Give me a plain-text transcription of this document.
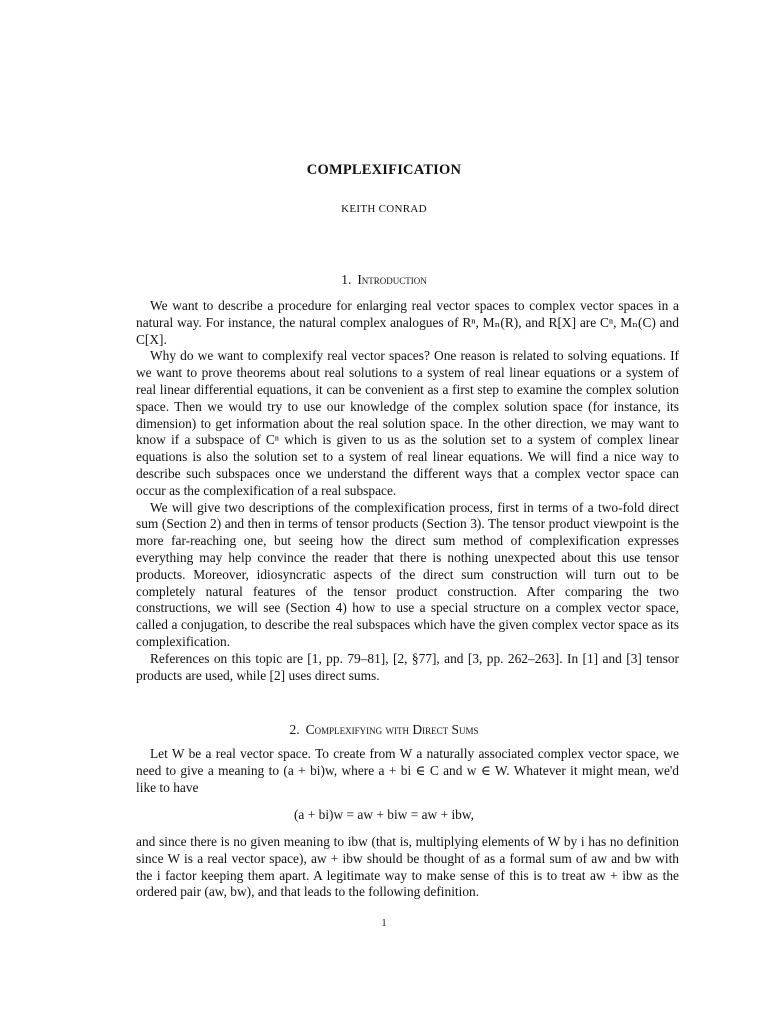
COMPLEXIFICATION
KEITH CONRAD
1. Introduction

We want to describe a procedure for enlarging real vector spaces to complex vector spaces in a natural way. For instance, the natural complex analogues of Rⁿ, Mₙ(R), and R[X] are Cⁿ, Mₙ(C) and C[X].

Why do we want to complexify real vector spaces? One reason is related to solving equations. If we want to prove theorems about real solutions to a system of real linear equations or a system of real linear differential equations, it can be convenient as a first step to examine the complex solution space. Then we would try to use our knowledge of the complex solution space (for instance, its dimension) to get information about the real solution space. In the other direction, we may want to know if a subspace of Cⁿ which is given to us as the solution set to a system of complex linear equations is also the solution set to a system of real linear equations. We will find a nice way to describe such subspaces once we understand the different ways that a complex vector space can occur as the complexification of a real subspace.

We will give two descriptions of the complexification process, first in terms of a two-fold direct sum (Section 2) and then in terms of tensor products (Section 3). The tensor product viewpoint is the more far-reaching one, but seeing how the direct sum method of complexification expresses everything may help convince the reader that there is nothing unexpected about this use tensor products. Moreover, idiosyncratic aspects of the direct sum construction will turn out to be completely natural features of the tensor product construction. After comparing the two constructions, we will see (Section 4) how to use a special structure on a complex vector space, called a conjugation, to describe the real subspaces which have the given complex vector space as its complexification.

References on this topic are [1, pp. 79–81], [2, §77], and [3, pp. 262–263]. In [1] and [3] tensor products are used, while [2] uses direct sums.

2. Complexifying with Direct Sums

Let W be a real vector space. To create from W a naturally associated complex vector space, we need to give a meaning to (a + bi)w, where a + bi ∈ C and w ∈ W. Whatever it might mean, we'd like to have

(a + bi)w = aw + biw = aw + ibw,

and since there is no given meaning to ibw (that is, multiplying elements of W by i has no definition since W is a real vector space), aw + ibw should be thought of as a formal sum of aw and bw with the i factor keeping them apart. A legitimate way to make sense of this is to treat aw + ibw as the ordered pair (aw, bw), and that leads to the following definition.

1
